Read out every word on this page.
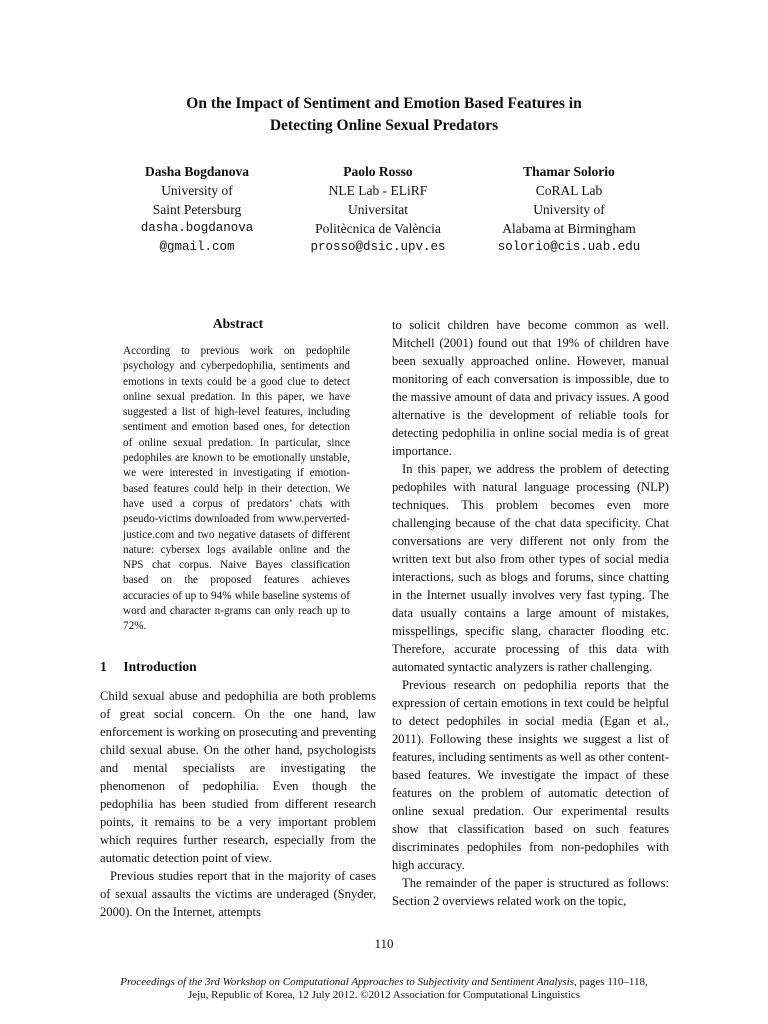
On the Impact of Sentiment and Emotion Based Features in
Detecting Online Sexual Predators
Dasha Bogdanova
University of
Saint Petersburg
dasha.bogdanova
@gmail.com
Paolo Rosso
NLE Lab - ELiRF
Universitat
Politècnica de València
prosso@dsic.upv.es
Thamar Solorio
CoRAL Lab
University of
Alabama at Birmingham
solorio@cis.uab.edu
Abstract

According to previous work on pedophile psychology and cyberpedophilia, sentiments and emotions in texts could be a good clue to detect online sexual predation. In this paper, we have suggested a list of high-level features, including sentiment and emotion based ones, for detection of online sexual predation. In particular, since pedophiles are known to be emotionally unstable, we were interested in investigating if emotion-based features could help in their detection. We have used a corpus of predators’ chats with pseudo-victims downloaded from www.perverted-justice.com and two negative datasets of different nature: cybersex logs available online and the NPS chat corpus. Naive Bayes classification based on the proposed features achieves accuracies of up to 94% while baseline systems of word and character n-grams can only reach up to 72%.

1 Introduction

Child sexual abuse and pedophilia are both problems of great social concern. On the one hand, law enforcement is working on prosecuting and preventing child sexual abuse. On the other hand, psychologists and mental specialists are investigating the phenomenon of pedophilia. Even though the pedophilia has been studied from different research points, it remains to be a very important problem which requires further research, especially from the automatic detection point of view.

Previous studies report that in the majority of cases of sexual assaults the victims are underaged (Snyder, 2000). On the Internet, attempts

to solicit children have become common as well. Mitchell (2001) found out that 19% of children have been sexually approached online. However, manual monitoring of each conversation is impossible, due to the massive amount of data and privacy issues. A good alternative is the development of reliable tools for detecting pedophilia in online social media is of great importance.

In this paper, we address the problem of detecting pedophiles with natural language processing (NLP) techniques. This problem becomes even more challenging because of the chat data specificity. Chat conversations are very different not only from the written text but also from other types of social media interactions, such as blogs and forums, since chatting in the Internet usually involves very fast typing. The data usually contains a large amount of mistakes, misspellings, specific slang, character flooding etc. Therefore, accurate processing of this data with automated syntactic analyzers is rather challenging.

Previous research on pedophilia reports that the expression of certain emotions in text could be helpful to detect pedophiles in social media (Egan et al., 2011). Following these insights we suggest a list of features, including sentiments as well as other content-based features. We investigate the impact of these features on the problem of automatic detection of online sexual predation. Our experimental results show that classification based on such features discriminates pedophiles from non-pedophiles with high accuracy.

The remainder of the paper is structured as follows: Section 2 overviews related work on the topic,

110
Proceedings of the 3rd Workshop on Computational Approaches to Subjectivity and Sentiment Analysis, pages 110–118,
Jeju, Republic of Korea, 12 July 2012. ©2012 Association for Computational Linguistics
